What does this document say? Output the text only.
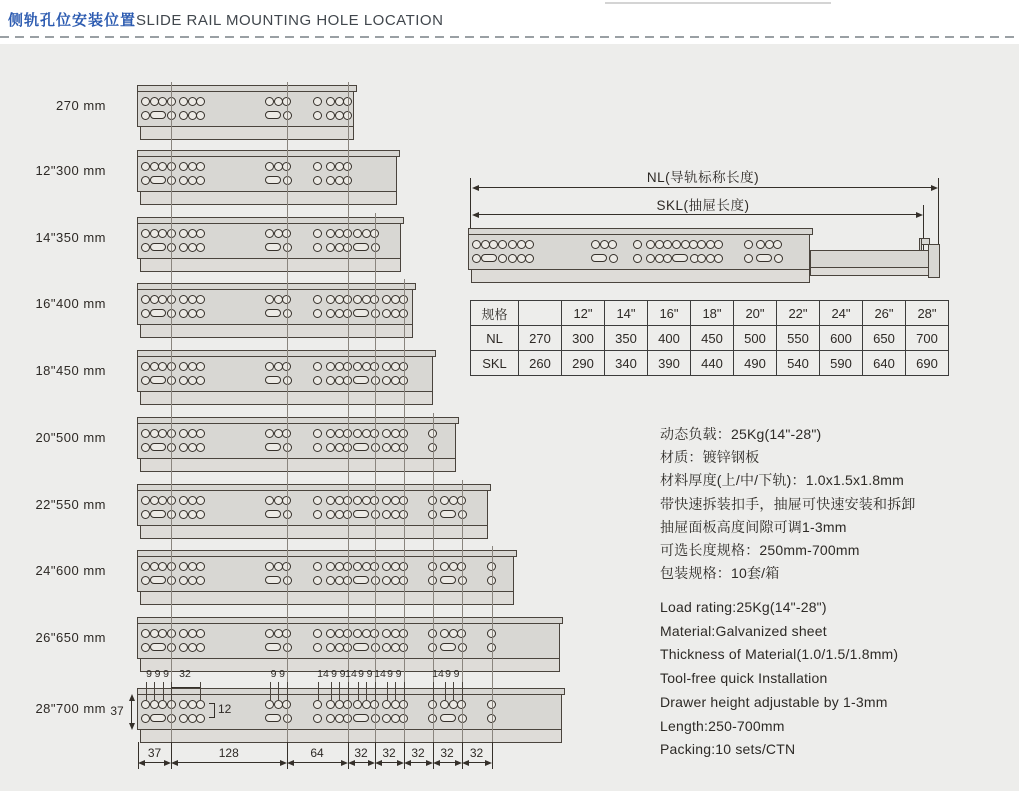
侧轨孔位安装位置SLIDE RAIL MOUNTING HOLE LOCATION
NL(导轨标称长度)
SKL(抽屉长度)
规格		12"	14"	16"	18"	20"	22"	24"	26"	28"
NL	270	300	350	400	450	500	550	600	650	700
SKL	260	290	340	390	440	490	540	590	640	690
270 mm
12"300 mm
14"350 mm
16"400 mm
18"450 mm
20"500 mm
22"550 mm
24"600 mm
26"650 mm
28"700 mm
9 9 9 32	9 9	14 9 9 14 9 9 14 9 9	14 9 9
12
37
37	128	64	32	32	32	32	32
动态负载：25Kg(14"-28")
材质：镀锌钢板
材料厚度(上/中/下轨)：1.0x1.5x1.8mm
带快速拆装扣手，抽屉可快速安装和拆卸
抽屉面板高度间隙可调1-3mm
可选长度规格：250mm-700mm
包装规格：10套/箱
Load rating:25Kg(14"-28")
Material:Galvanized sheet
Thickness of Material(1.0/1.5/1.8mm)
Tool-free quick Installation
Drawer height adjustable by 1-3mm
Length:250-700mm
Packing:10 sets/CTN
